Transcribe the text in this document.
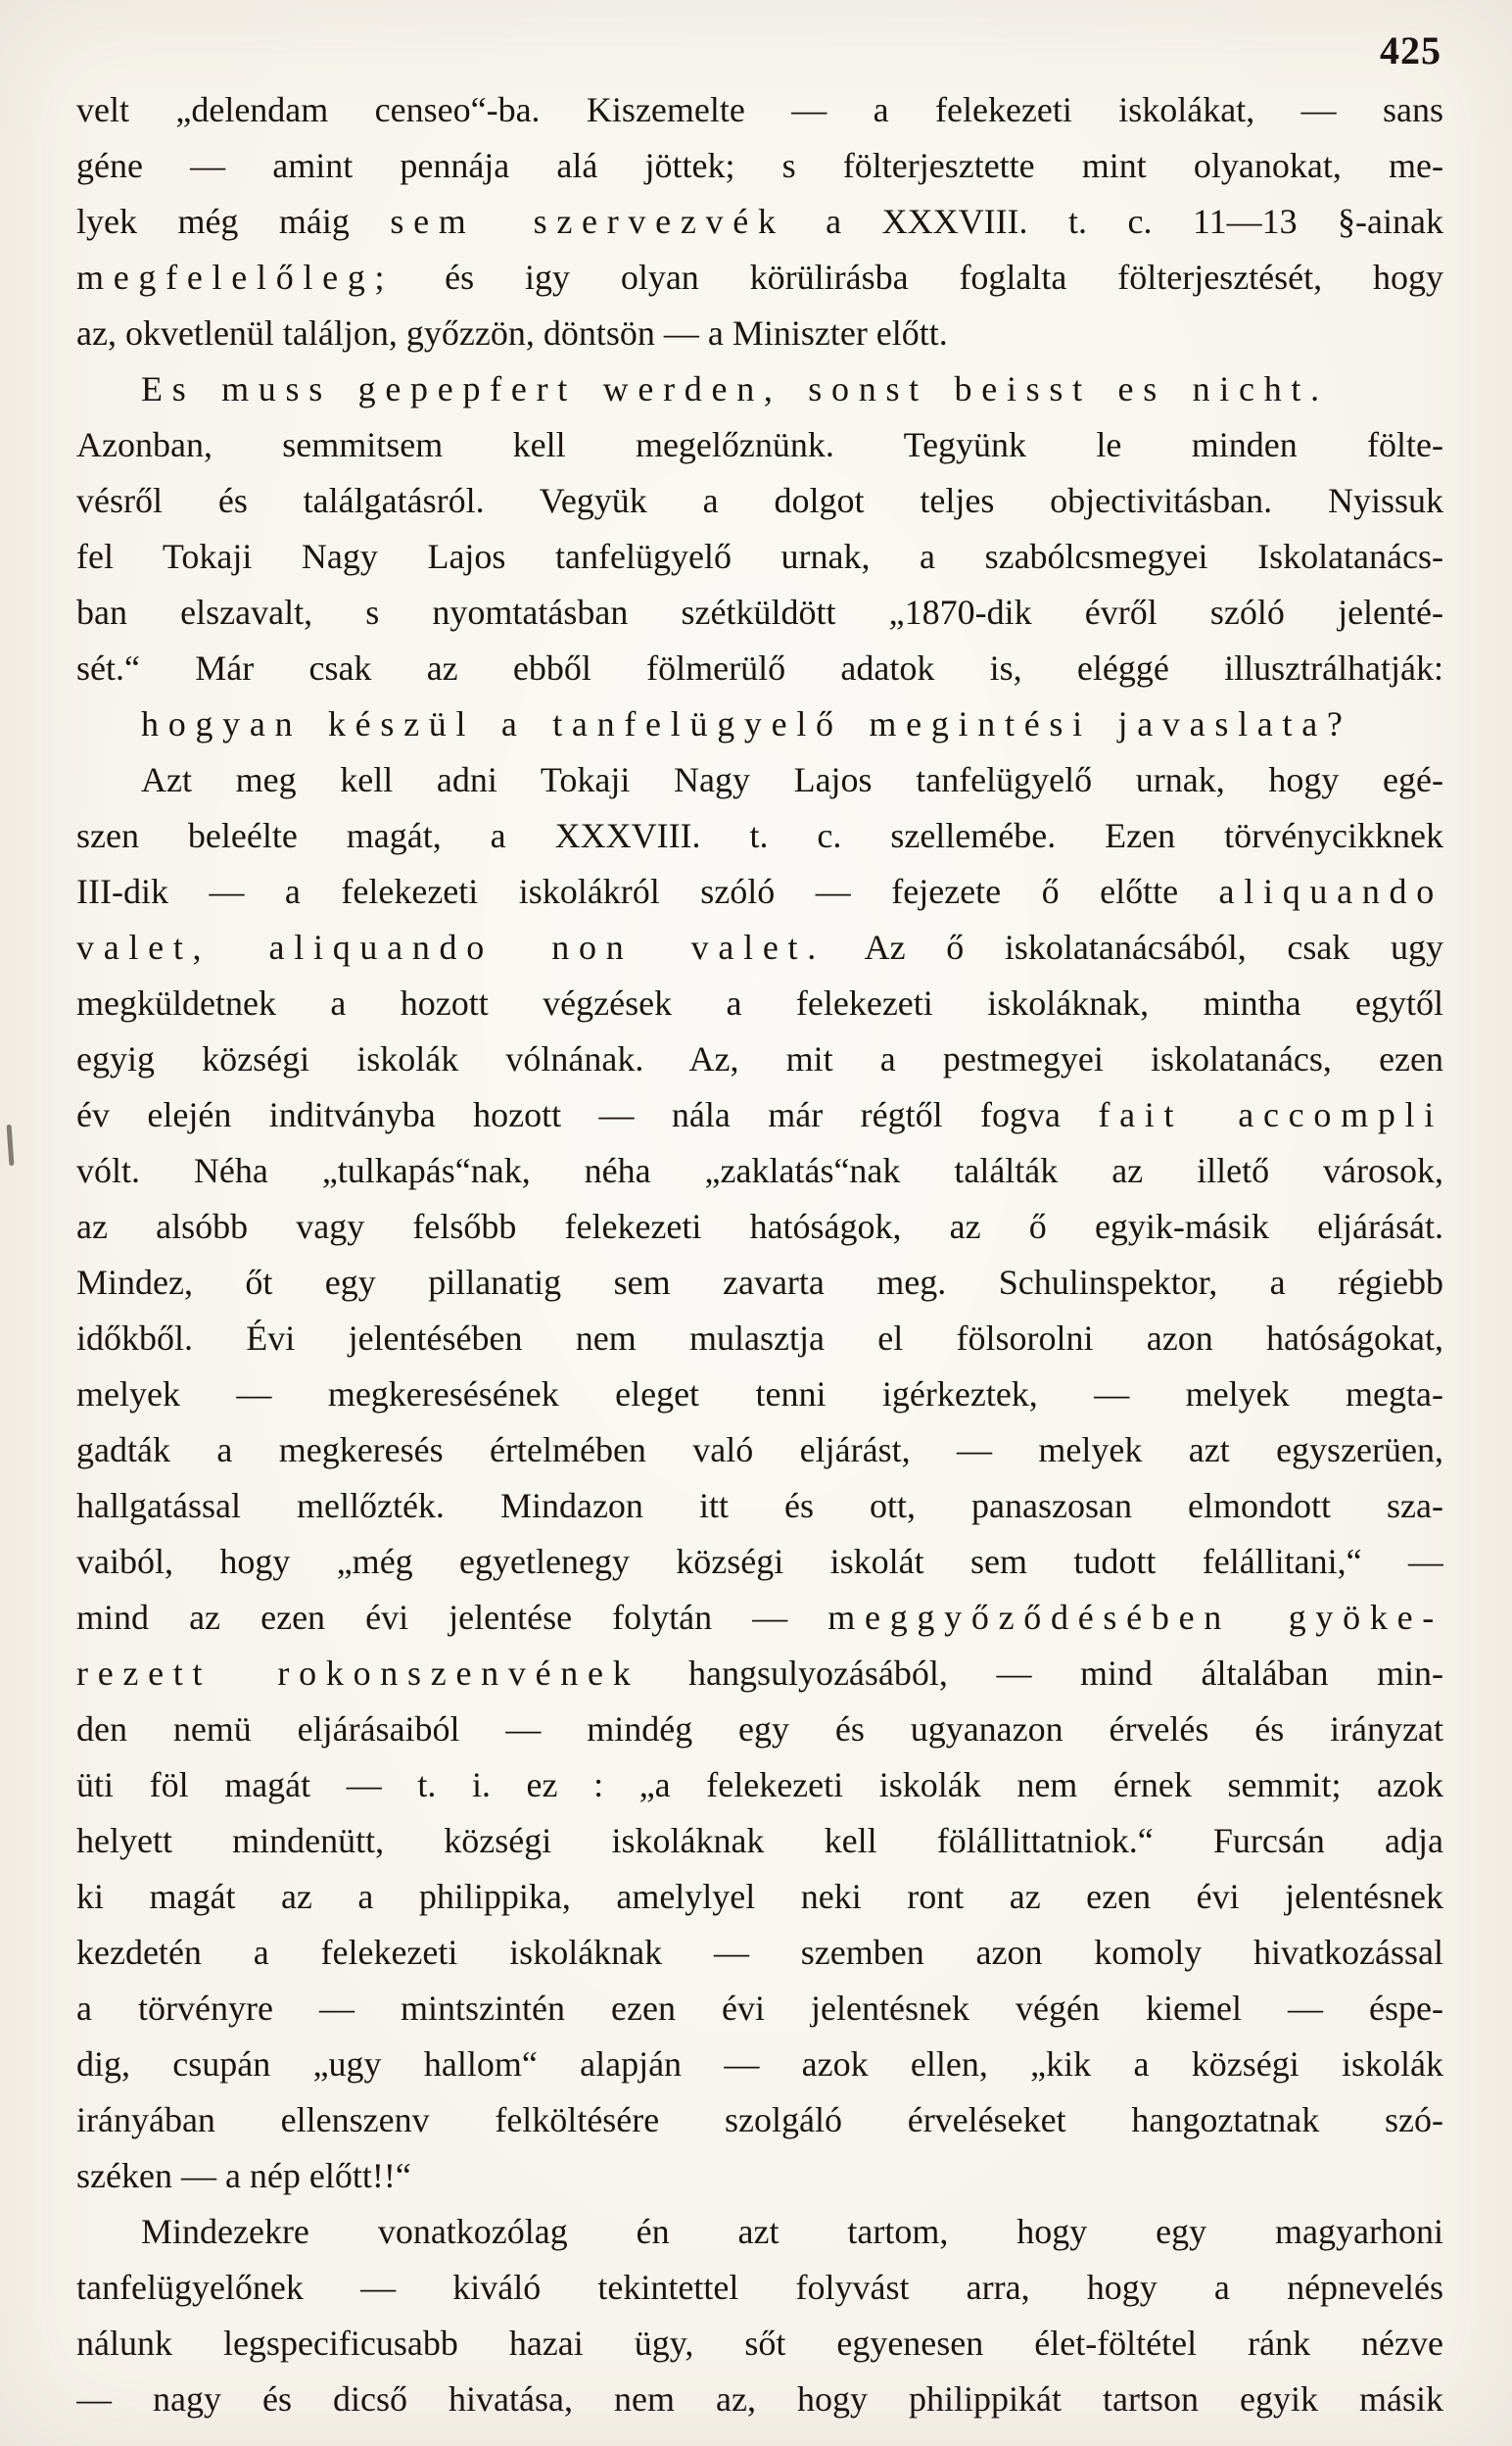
425
velt „delendam censeo“-ba. Kiszemelte — a felekezeti iskolákat, — sans
géne — amint pennája alá jöttek; s fölterjesztette mint olyanokat, me-
lyek még máig sem szervezvék a XXXVIII. t. c. 11—13 §-ainak
megfelelőleg; és igy olyan körülirásba foglalta fölterjesztését, hogy
az, okvetlenül találjon, győzzön, döntsön — a Miniszter előtt.
Es muss gepepfert werden, sonst beisst es nicht.
Azonban, semmitsem kell megelőznünk. Tegyünk le minden fölte-
vésről és találgatásról. Vegyük a dolgot teljes objectivitásban. Nyissuk
fel Tokaji Nagy Lajos tanfelügyelő urnak, a szabólcsmegyei Iskolatanács-
ban elszavalt, s nyomtatásban szétküldött „1870-dik évről szóló jelenté-
sét.“ Már csak az ebből fölmerülő adatok is, eléggé illusztrálhatják:
hogyan készül a tanfelügyelő megintési javaslata?
Azt meg kell adni Tokaji Nagy Lajos tanfelügyelő urnak, hogy egé-
szen beleélte magát, a XXXVIII. t. c. szellemébe. Ezen törvénycikknek
III-dik — a felekezeti iskolákról szóló — fejezete ő előtte aliquando
valet, aliquando non valet. Az ő iskolatanácsából, csak ugy
megküldetnek a hozott végzések a felekezeti iskoláknak, mintha egytől
egyig községi iskolák vólnának. Az, mit a pestmegyei iskolatanács, ezen
év elején inditványba hozott — nála már régtől fogva fait accompli
vólt. Néha „tulkapás“nak, néha „zaklatás“nak találták az illető városok,
az alsóbb vagy felsőbb felekezeti hatóságok, az ő egyik-másik eljárását.
Mindez, őt egy pillanatig sem zavarta meg. Schulinspektor, a régiebb
időkből. Évi jelentésében nem mulasztja el fölsorolni azon hatóságokat,
melyek — megkeresésének eleget tenni igérkeztek, — melyek megta-
gadták a megkeresés értelmében való eljárást, — melyek azt egyszerüen,
hallgatással mellőzték. Mindazon itt és ott, panaszosan elmondott sza-
vaiból, hogy „még egyetlenegy községi iskolát sem tudott felállitani,“ —
mind az ezen évi jelentése folytán — meggyőződésében gyöke-
rezett rokonszenvének hangsulyozásából, — mind általában min-
den nemü eljárásaiból — mindég egy és ugyanazon érvelés és irányzat
üti föl magát — t. i. ez : „a felekezeti iskolák nem érnek semmit; azok
helyett mindenütt, községi iskoláknak kell fölállittatniok.“ Furcsán adja
ki magát az a philippika, amelylyel neki ront az ezen évi jelentésnek
kezdetén a felekezeti iskoláknak — szemben azon komoly hivatkozással
a törvényre — mintszintén ezen évi jelentésnek végén kiemel — éspe-
dig, csupán „ugy hallom“ alapján — azok ellen, „kik a községi iskolák
irányában ellenszenv felköltésére szolgáló érveléseket hangoztatnak szó-
széken — a nép előtt!!“
Mindezekre vonatkozólag én azt tartom, hogy egy magyarhoni
tanfelügyelőnek — kiváló tekintettel folyvást arra, hogy a népnevelés
nálunk legspecificusabb hazai ügy, sőt egyenesen élet-föltétel ránk nézve
— nagy és dicső hivatása, nem az, hogy philippikát tartson egyik másik
